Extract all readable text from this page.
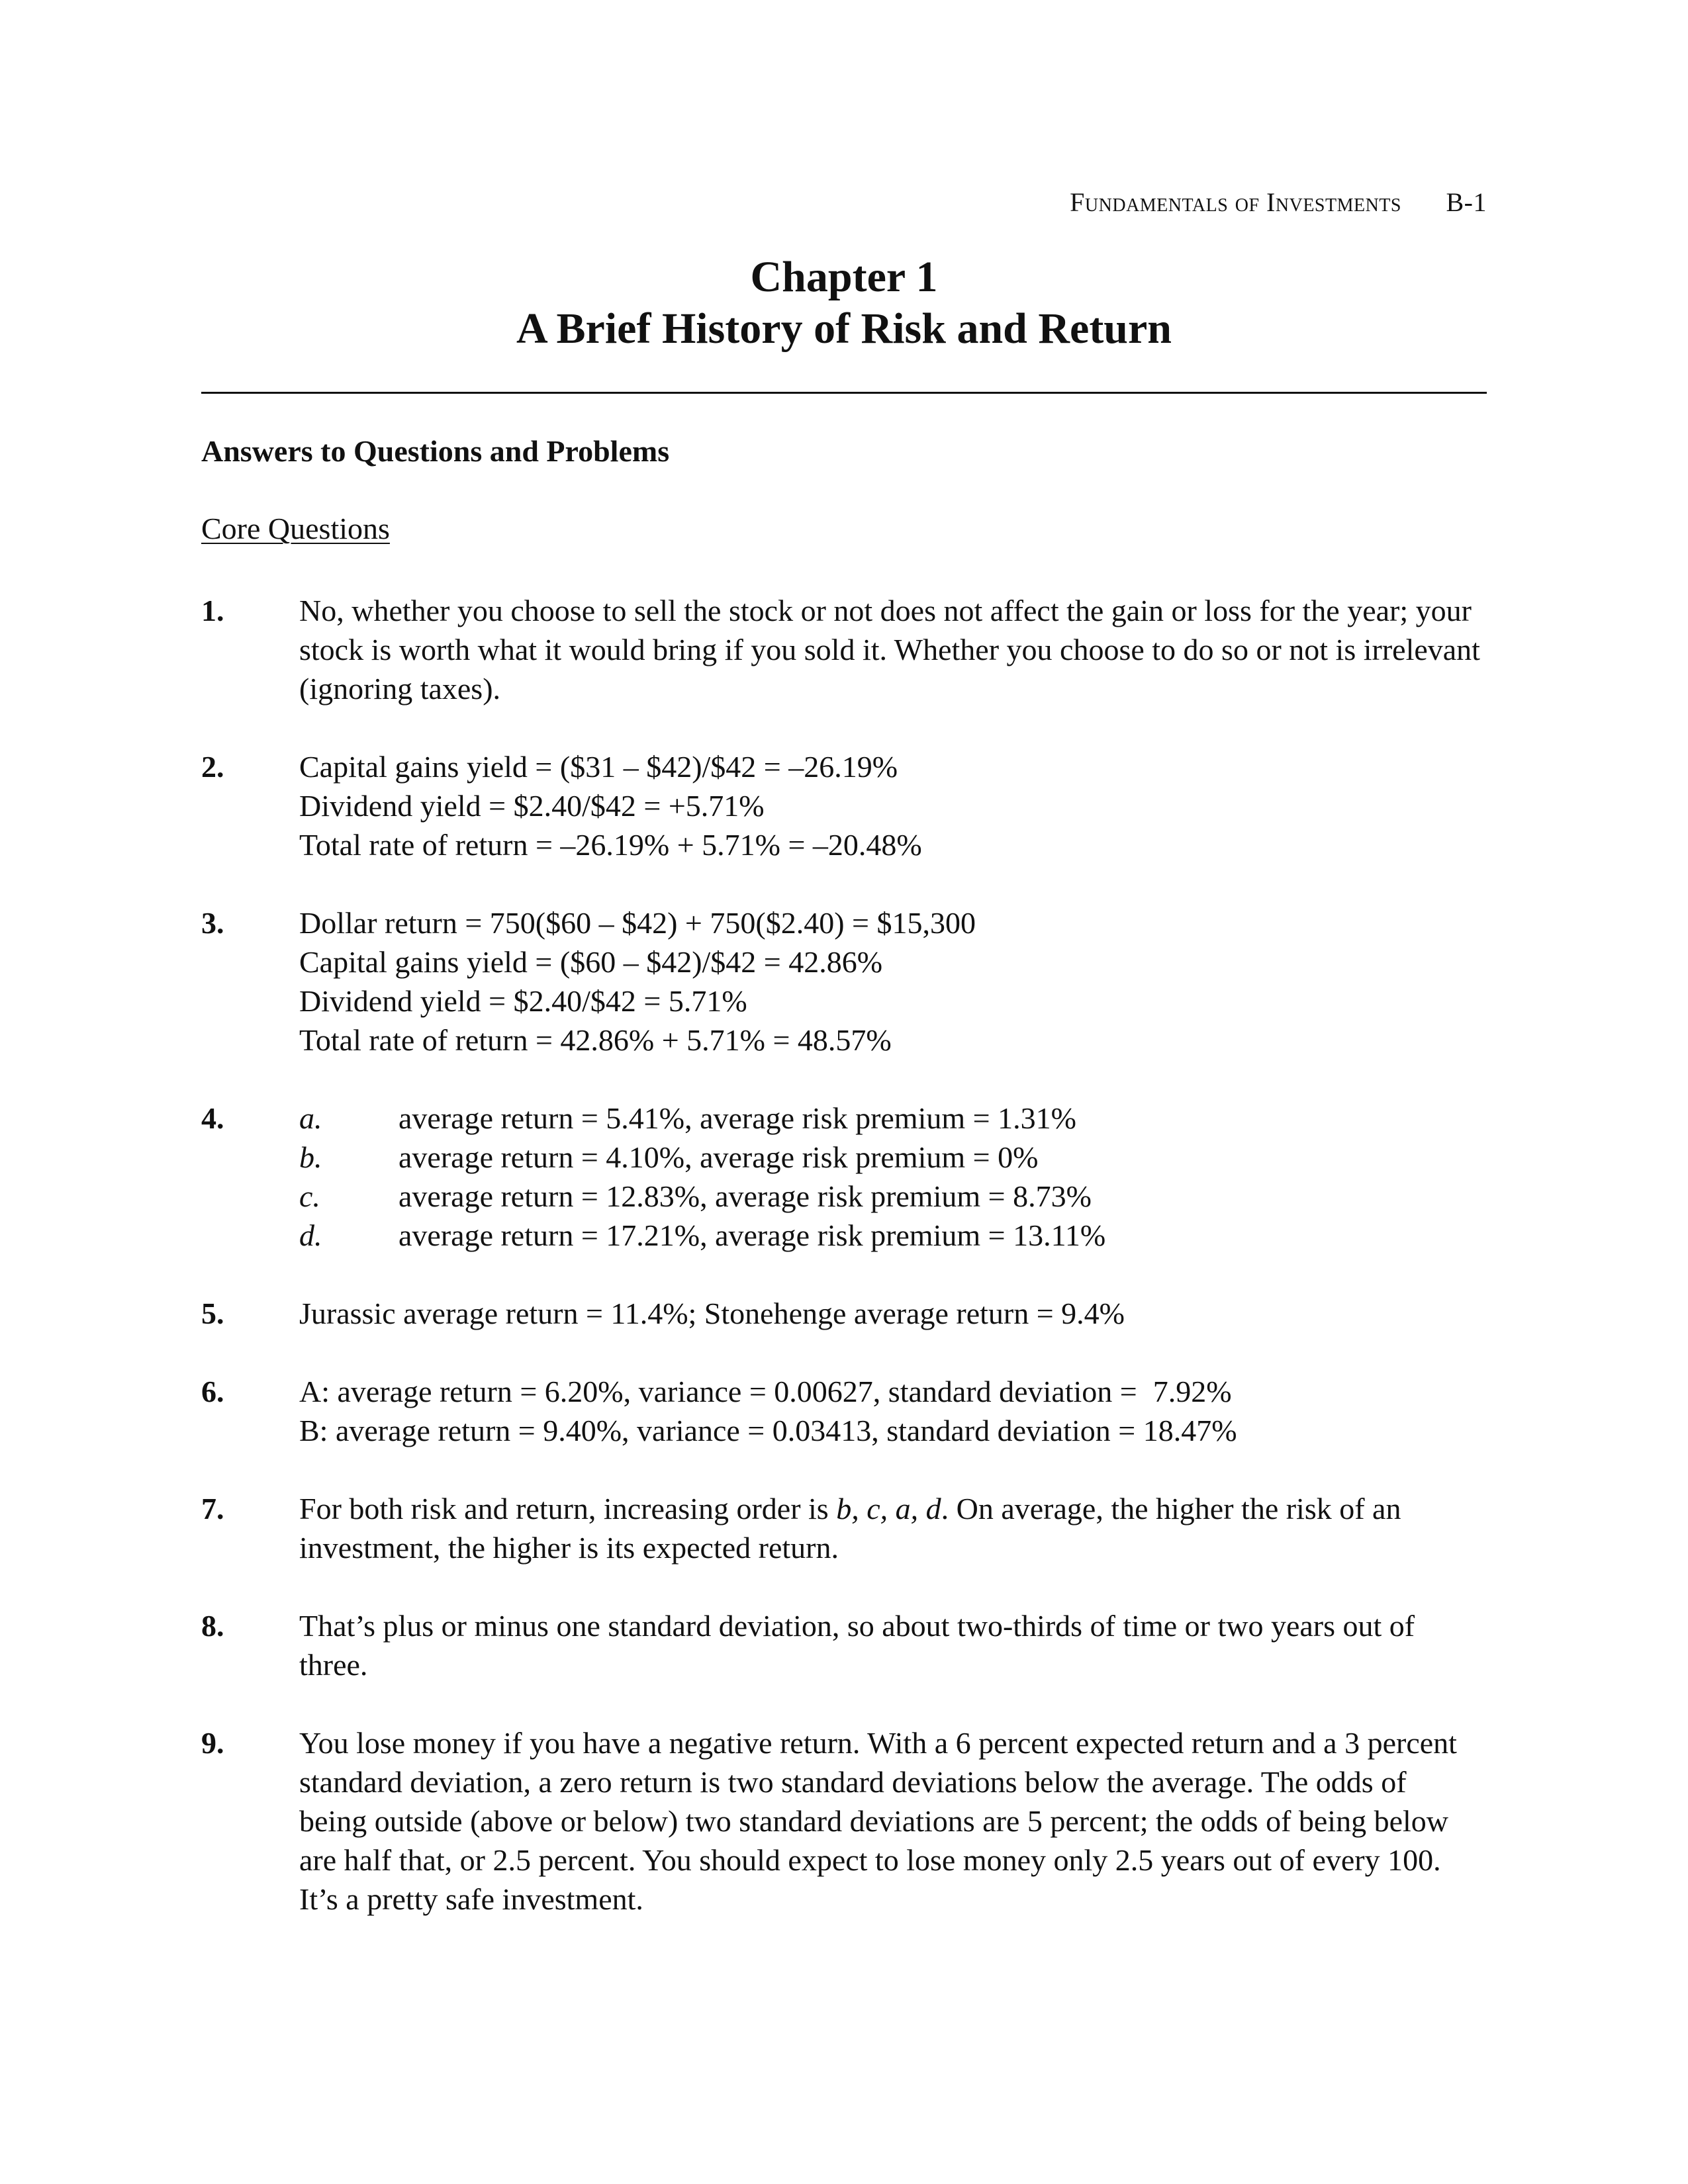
Fundamentals of Investments B-1
Chapter 1
A Brief History of Risk and Return
Answers to Questions and Problems
Core Questions
1. No, whether you choose to sell the stock or not does not affect the gain or loss for the year; your stock is worth what it would bring if you sold it. Whether you choose to do so or not is irrelevant (ignoring taxes).
2. Capital gains yield = ($31 – $42)/$42 = –26.19%
Dividend yield = $2.40/$42 = +5.71%
Total rate of return = –26.19% + 5.71% = –20.48%
3. Dollar return = 750($60 – $42) + 750($2.40) = $15,300
Capital gains yield = ($60 – $42)/$42 = 42.86%
Dividend yield = $2.40/$42 = 5.71%
Total rate of return = 42.86% + 5.71% = 48.57%
4. a.	average return = 5.41%, average risk premium = 1.31%
b.	average return = 4.10%, average risk premium = 0%
c.	average return = 12.83%, average risk premium = 8.73%
d.	average return = 17.21%, average risk premium = 13.11%
5. Jurassic average return = 11.4%; Stonehenge average return = 9.4%
6. A: average return = 6.20%, variance = 0.00627, standard deviation = 7.92%
B: average return = 9.40%, variance = 0.03413, standard deviation = 18.47%
7. For both risk and return, increasing order is b, c, a, d. On average, the higher the risk of an investment, the higher is its expected return.
8. That’s plus or minus one standard deviation, so about two-thirds of time or two years out of three.
9. You lose money if you have a negative return. With a 6 percent expected return and a 3 percent standard deviation, a zero return is two standard deviations below the average. The odds of being outside (above or below) two standard deviations are 5 percent; the odds of being below are half that, or 2.5 percent. You should expect to lose money only 2.5 years out of every 100. It’s a pretty safe investment.
